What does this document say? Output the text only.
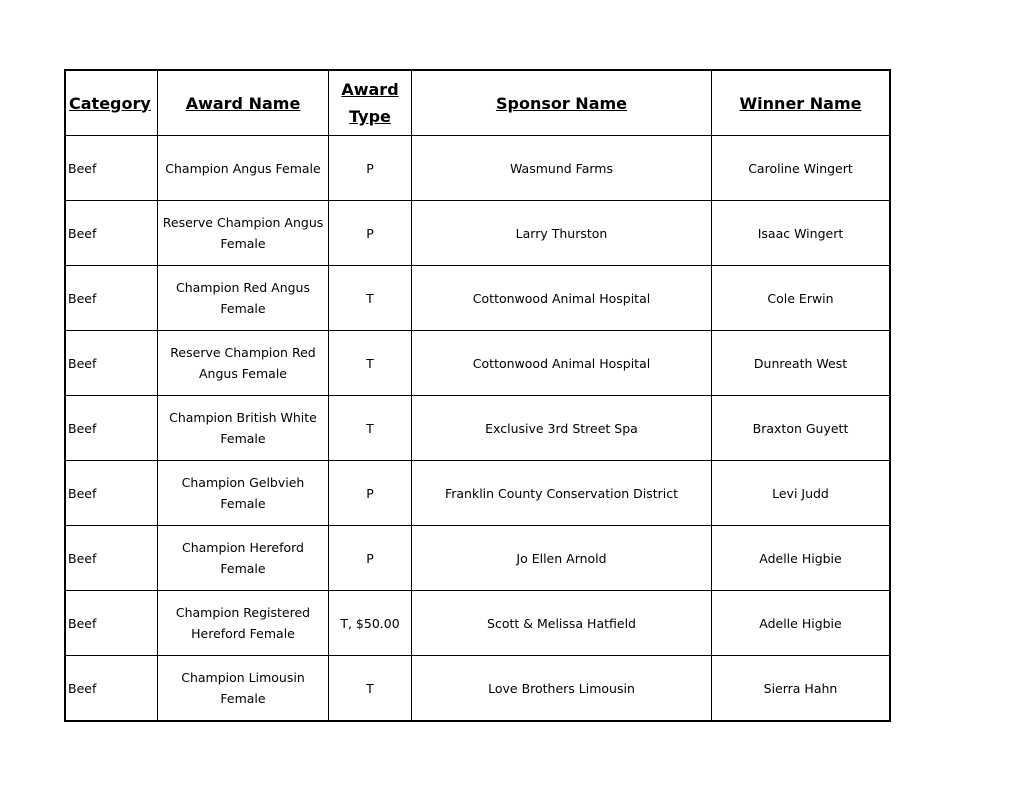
Category	Award Name	Award Type	Sponsor Name	Winner Name
Beef	Champion Angus Female	P	Wasmund Farms	Caroline Wingert
Beef	Reserve Champion Angus Female	P	Larry Thurston	Isaac Wingert
Beef	Champion Red Angus Female	T	Cottonwood Animal Hospital	Cole Erwin
Beef	Reserve Champion Red Angus Female	T	Cottonwood Animal Hospital	Dunreath West
Beef	Champion British White Female	T	Exclusive 3rd Street Spa	Braxton Guyett
Beef	Champion Gelbvieh Female	P	Franklin County Conservation District	Levi Judd
Beef	Champion Hereford Female	P	Jo Ellen Arnold	Adelle Higbie
Beef	Champion Registered Hereford Female	T, $50.00	Scott & Melissa Hatfield	Adelle Higbie
Beef	Champion Limousin Female	T	Love Brothers Limousin	Sierra Hahn
